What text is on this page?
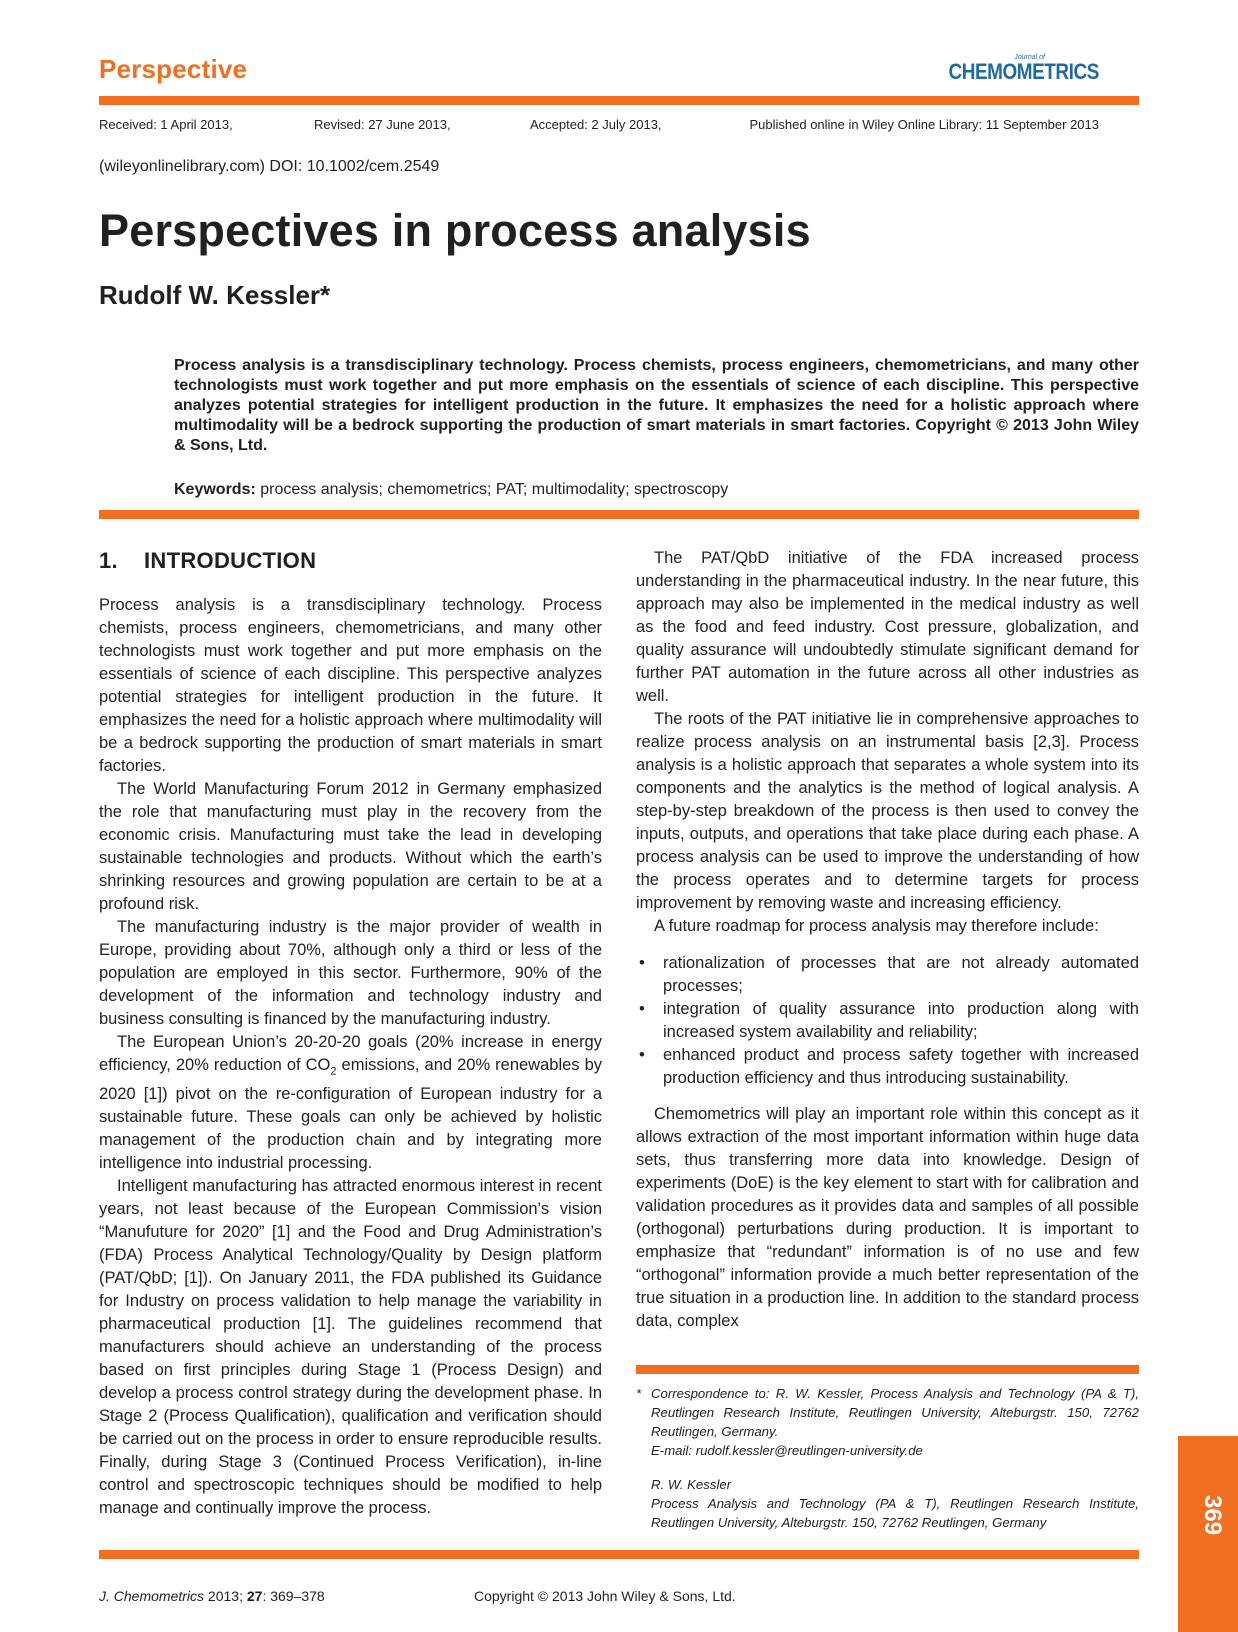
Perspective	Journal of
CHEMOMETRICS
Received: 1 April 2013,	Revised: 27 June 2013,	Accepted: 2 July 2013,	Published online in Wiley Online Library: 11 September 2013
(wileyonlinelibrary.com) DOI: 10.1002/cem.2549
Perspectives in process analysis
Rudolf W. Kessler*
Process analysis is a transdisciplinary technology. Process chemists, process engineers, chemometricians, and many other technologists must work together and put more emphasis on the essentials of science of each discipline. This perspective analyzes potential strategies for intelligent production in the future. It emphasizes the need for a holistic approach where multimodality will be a bedrock supporting the production of smart materials in smart factories. Copyright © 2013 John Wiley & Sons, Ltd.
Keywords: process analysis; chemometrics; PAT; multimodality; spectroscopy
1. INTRODUCTION

Process analysis is a transdisciplinary technology. Process chemists, process engineers, chemometricians, and many other technologists must work together and put more emphasis on the essentials of science of each discipline. This perspective analyzes potential strategies for intelligent production in the future. It emphasizes the need for a holistic approach where multimodality will be a bedrock supporting the production of smart materials in smart factories.

The World Manufacturing Forum 2012 in Germany emphasized the role that manufacturing must play in the recovery from the economic crisis. Manufacturing must take the lead in developing sustainable technologies and products. Without which the earth’s shrinking resources and growing population are certain to be at a profound risk.

The manufacturing industry is the major provider of wealth in Europe, providing about 70%, although only a third or less of the population are employed in this sector. Furthermore, 90% of the development of the information and technology industry and business consulting is financed by the manufacturing industry.

The European Union’s 20-20-20 goals (20% increase in energy efficiency, 20% reduction of $CO_2$ emissions, and 20% renewables by 2020 [1]) pivot on the re-configuration of European industry for a sustainable future. These goals can only be achieved by holistic management of the production chain and by integrating more intelligence into industrial processing.

Intelligent manufacturing has attracted enormous interest in recent years, not least because of the European Commission’s vision “Manufuture for 2020” [1] and the Food and Drug Administration’s (FDA) Process Analytical Technology/Quality by Design platform (PAT/QbD; [1]). On January 2011, the FDA published its Guidance for Industry on process validation to help manage the variability in pharmaceutical production [1]. The guidelines recommend that manufacturers should achieve an understanding of the process based on first principles during Stage 1 (Process Design) and develop a process control strategy during the development phase. In Stage 2 (Process Qualification), qualification and verification should be carried out on the process in order to ensure reproducible results. Finally, during Stage 3 (Continued Process Verification), in-line control and spectroscopic techniques should be modified to help manage and continually improve the process.

The PAT/QbD initiative of the FDA increased process understanding in the pharmaceutical industry. In the near future, this approach may also be implemented in the medical industry as well as the food and feed industry. Cost pressure, globalization, and quality assurance will undoubtedly stimulate significant demand for further PAT automation in the future across all other industries as well.

The roots of the PAT initiative lie in comprehensive approaches to realize process analysis on an instrumental basis [2,3]. Process analysis is a holistic approach that separates a whole system into its components and the analytics is the method of logical analysis. A step-by-step breakdown of the process is then used to convey the inputs, outputs, and operations that take place during each phase. A process analysis can be used to improve the understanding of how the process operates and to determine targets for process improvement by removing waste and increasing efficiency.

A future roadmap for process analysis may therefore include:

• rationalization of processes that are not already automated processes;
• integration of quality assurance into production along with increased system availability and reliability;
• enhanced product and process safety together with increased production efficiency and thus introducing sustainability.

Chemometrics will play an important role within this concept as it allows extraction of the most important information within huge data sets, thus transferring more data into knowledge. Design of experiments (DoE) is the key element to start with for calibration and validation procedures as it provides data and samples of all possible (orthogonal) perturbations during production. It is important to emphasize that “redundant” information is of no use and few “orthogonal” information provide a much better representation of the true situation in a production line. In addition to the standard process data, complex

* Correspondence to: R. W. Kessler, Process Analysis and Technology (PA & T), Reutlingen Research Institute, Reutlingen University, Alteburgstr. 150, 72762 Reutlingen, Germany.
E-mail: rudolf.kessler@reutlingen-university.de
R. W. Kessler
Process Analysis and Technology (PA & T), Reutlingen Research Institute, Reutlingen University, Alteburgstr. 150, 72762 Reutlingen, Germany	369
J. Chemometrics 2013; 27: 369–378	Copyright © 2013 John Wiley & Sons, Ltd.
